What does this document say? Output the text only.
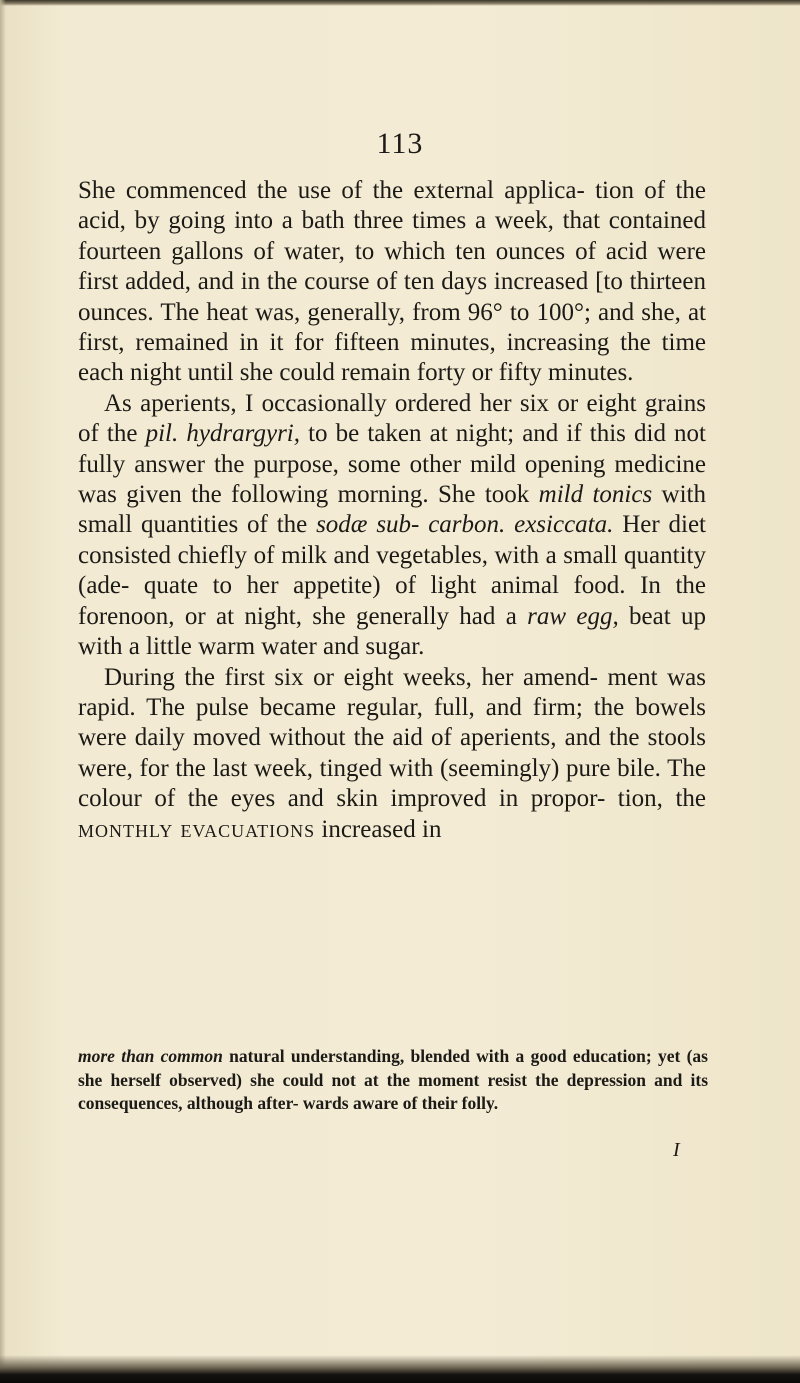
113

She commenced the use of the external applica- tion of the acid, by going into a bath three times a week, that contained fourteen gallons of water, to which ten ounces of acid were first added, and in the course of ten days increased [to thirteen ounces. The heat was, generally, from 96° to 100°; and she, at first, remained in it for fifteen minutes, increasing the time each night until she could remain forty or fifty minutes.

As aperients, I occasionally ordered her six or eight grains of the pil. hydrargyri, to be taken at night; and if this did not fully answer the purpose, some other mild opening medicine was given the following morning. She took mild tonics with small quantities of the sodæ sub- carbon. exsiccata. Her diet consisted chiefly of milk and vegetables, with a small quantity (ade- quate to her appetite) of light animal food. In the forenoon, or at night, she generally had a raw egg, beat up with a little warm water and sugar.

During the first six or eight weeks, her amend- ment was rapid. The pulse became regular, full, and firm; the bowels were daily moved without the aid of aperients, and the stools were, for the last week, tinged with (seemingly) pure bile. The colour of the eyes and skin improved in propor- tion, the monthly evacuations increased in

more than common natural understanding, blended with a good education; yet (as she herself observed) she could not at the moment resist the depression and its consequences, although after- wards aware of their folly.
I
